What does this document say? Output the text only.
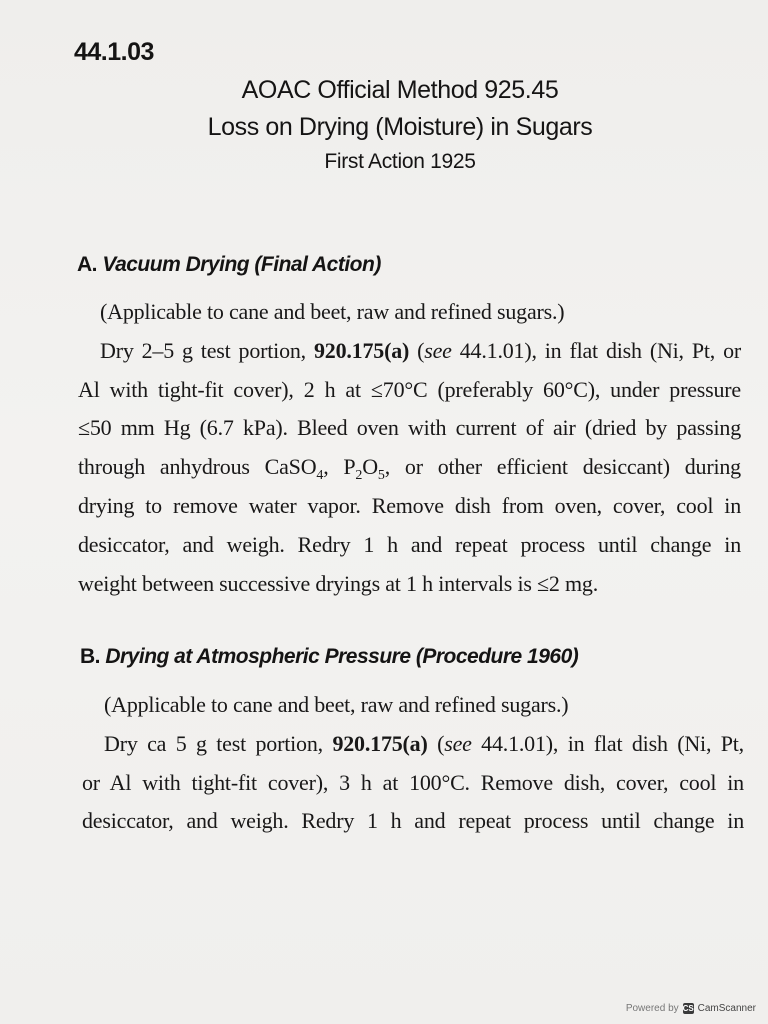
44.1.03
AOAC Official Method 925.45
Loss on Drying (Moisture) in Sugars
First Action 1925
A. Vacuum Drying (Final Action)
(Applicable to cane and beet, raw and refined sugars.)
Dry 2–5 g test portion, 920.175(a) (see 44.1.01), in flat dish (Ni, Pt, or
Al with tight-fit cover), 2 h at ≤70°C (preferably 60°C), under pressure
≤50 mm Hg (6.7 kPa). Bleed oven with current of air (dried by passing
through anhydrous CaSO$_4$, $P_2O_5$, or other efficient desiccant) during
drying to remove water vapor. Remove dish from oven, cover, cool in
desiccator, and weigh. Redry 1 h and repeat process until change in
weight between successive dryings at 1 h intervals is ≤2 mg.
B. Drying at Atmospheric Pressure (Procedure 1960)
(Applicable to cane and beet, raw and refined sugars.)
Dry ca 5 g test portion, 920.175(a) (see 44.1.01), in flat dish (Ni, Pt,
or Al with tight-fit cover), 3 h at 100°C. Remove dish, cover, cool in
desiccator, and weigh. Redry 1 h and repeat process until change in
Powered by CS CamScanner
